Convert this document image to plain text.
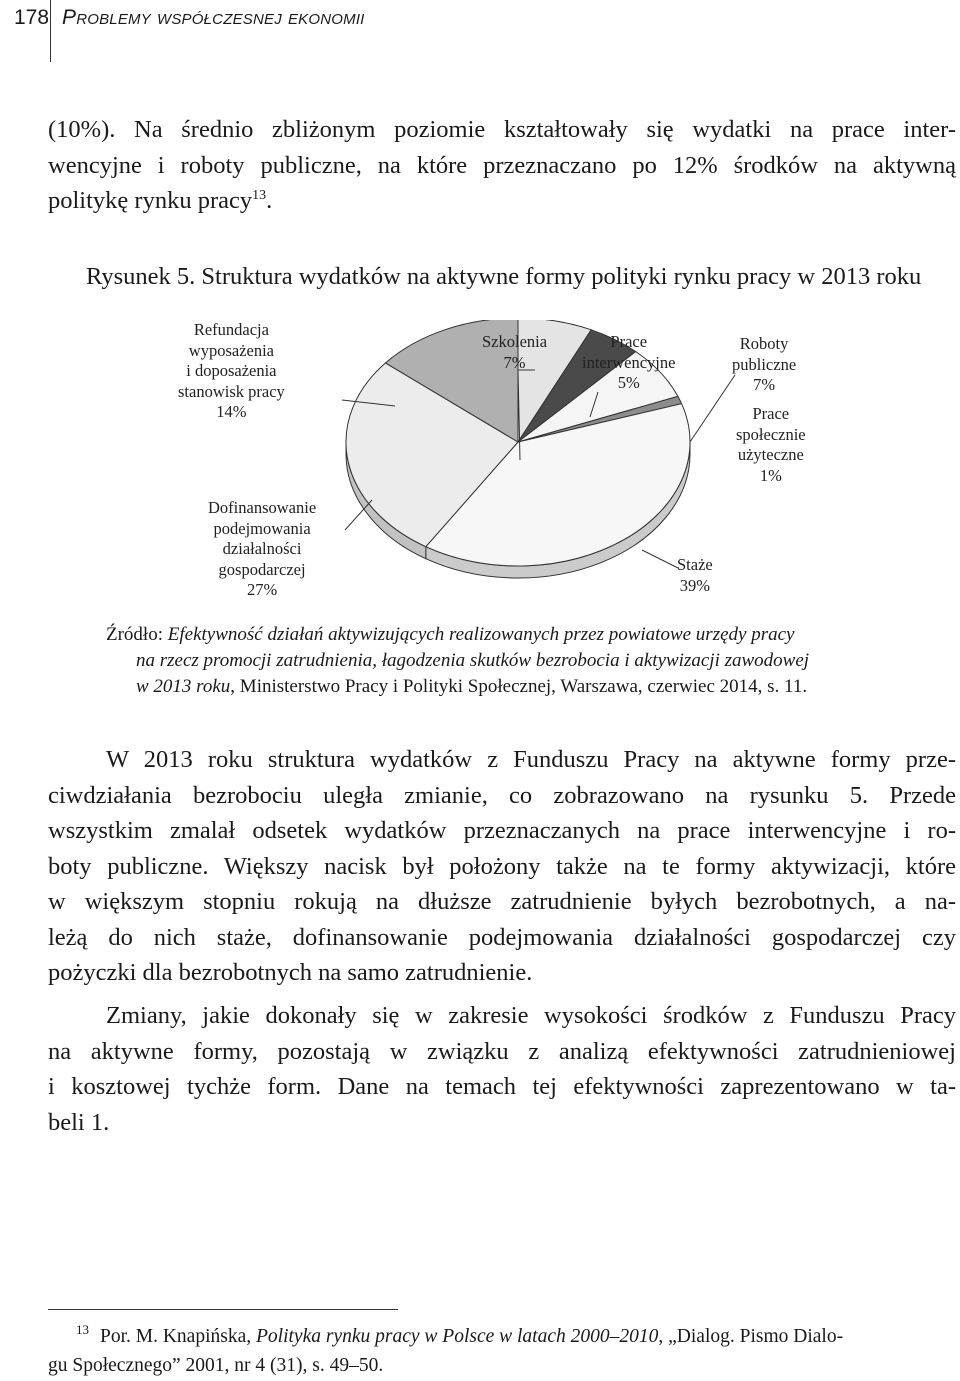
178 Problemy współczesnej ekonomii
(10%). Na średnio zbliżonym poziomie kształtowały się wydatki na prace inter-
wencyjne i roboty publiczne, na które przeznaczano po 12% środków na aktywną
politykę rynku pracy$^{13}$.
Rysunek 5. Struktura wydatków na aktywne formy polityki rynku pracy w 2013 roku
Refundacja
wyposażenia
i doposażenia
stanowisk pracy
14%
Szkolenia
7%
Prace
interwencyjne
5%
Roboty
publiczne
7%
Prace
społecznie
użyteczne
1%
Staże
39%
Dofinansowanie
podejmowania
działalności
gospodarczej
27%
Źródło: Efektywność działań aktywizujących realizowanych przez powiatowe urzędy pracy
na rzecz promocji zatrudnienia, łagodzenia skutków bezrobocia i aktywizacji zawodowej
w 2013 roku, Ministerstwo Pracy i Polityki Społecznej, Warszawa, czerwiec 2014, s. 11.
W 2013 roku struktura wydatków z Funduszu Pracy na aktywne formy prze-
ciwdziałania bezrobociu uległa zmianie, co zobrazowano na rysunku 5. Przede
wszystkim zmalał odsetek wydatków przeznaczanych na prace interwencyjne i ro-
boty publiczne. Większy nacisk był położony także na te formy aktywizacji, które
w większym stopniu rokują na dłuższe zatrudnienie byłych bezrobotnych, a na-
leżą do nich staże, dofinansowanie podejmowania działalności gospodarczej czy
pożyczki dla bezrobotnych na samo zatrudnienie.
Zmiany, jakie dokonały się w zakresie wysokości środków z Funduszu Pracy
na aktywne formy, pozostają w związku z analizą efektywności zatrudnieniowej
i kosztowej tychże form. Dane na temach tej efektywności zaprezentowano w ta-
beli 1.
13 Por. M. Knapińska, Polityka rynku pracy w Polsce w latach 2000–2010, „Dialog. Pismo Dialo-
gu Społecznego” 2001, nr 4 (31), s. 49–50.
